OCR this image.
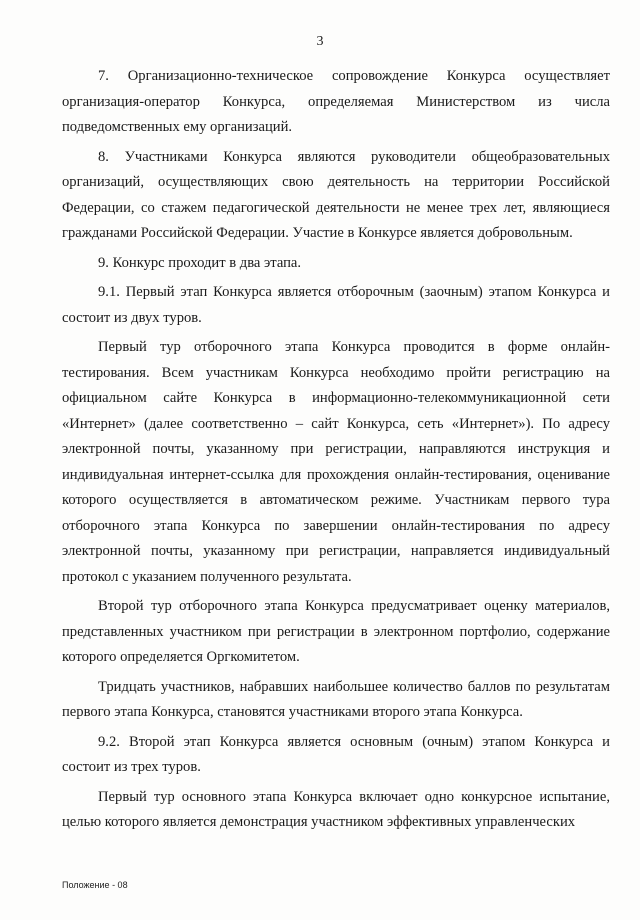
3

7. Организационно-техническое сопровождение Конкурса осуществляет организация-оператор Конкурса, определяемая Министерством из числа подведомственных ему организаций.

8. Участниками Конкурса являются руководители общеобразовательных организаций, осуществляющих свою деятельность на территории Российской Федерации, со стажем педагогической деятельности не менее трех лет, являющиеся гражданами Российской Федерации. Участие в Конкурсе является добровольным.

9. Конкурс проходит в два этапа.

9.1. Первый этап Конкурса является отборочным (заочным) этапом Конкурса и состоит из двух туров.

Первый тур отборочного этапа Конкурса проводится в форме онлайн-тестирования. Всем участникам Конкурса необходимо пройти регистрацию на официальном сайте Конкурса в информационно-телекоммуникационной сети «Интернет» (далее соответственно – сайт Конкурса, сеть «Интернет»). По адресу электронной почты, указанному при регистрации, направляются инструкция и индивидуальная интернет-ссылка для прохождения онлайн-тестирования, оценивание которого осуществляется в автоматическом режиме. Участникам первого тура отборочного этапа Конкурса по завершении онлайн-тестирования по адресу электронной почты, указанному при регистрации, направляется индивидуальный протокол с указанием полученного результата.

Второй тур отборочного этапа Конкурса предусматривает оценку материалов, представленных участником при регистрации в электронном портфолио, содержание которого определяется Оргкомитетом.

Тридцать участников, набравших наибольшее количество баллов по результатам первого этапа Конкурса, становятся участниками второго этапа Конкурса.

9.2. Второй этап Конкурса является основным (очным) этапом Конкурса и состоит из трех туров.

Первый тур основного этапа Конкурса включает одно конкурсное испытание, целью которого является демонстрация участником эффективных управленческих

Положение - 08
